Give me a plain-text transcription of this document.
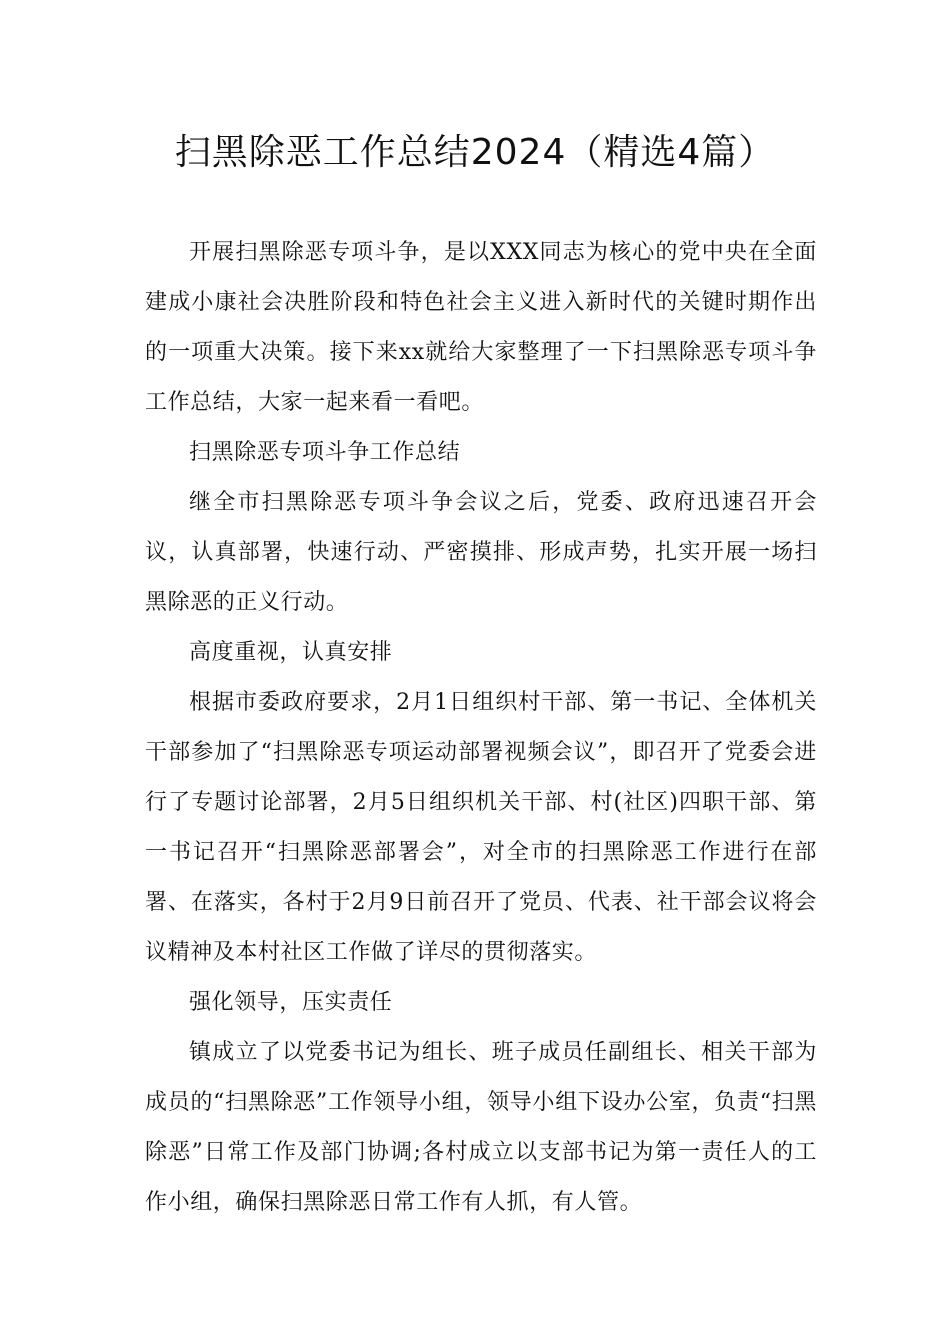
扫黑除恶工作总结2024（精选4篇）

开展扫黑除恶专项斗争，是以XXX同志为核心的党中央在全面建成小康社会决胜阶段和特色社会主义进入新时代的关键时期作出的一项重大决策。接下来xx就给大家整理了一下扫黑除恶专项斗争工作总结，大家一起来看一看吧。

扫黑除恶专项斗争工作总结

继全市扫黑除恶专项斗争会议之后，党委、政府迅速召开会议，认真部署，快速行动、严密摸排、形成声势，扎实开展一场扫黑除恶的正义行动。

高度重视，认真安排

根据市委政府要求，2月1日组织村干部、第一书记、全体机关干部参加了“扫黑除恶专项运动部署视频会议”，即召开了党委会进行了专题讨论部署，2月5日组织机关干部、村(社区)四职干部、第一书记召开“扫黑除恶部署会”，对全市的扫黑除恶工作进行在部署、在落实，各村于2月9日前召开了党员、代表、社干部会议将会议精神及本村社区工作做了详尽的贯彻落实。

强化领导，压实责任

镇成立了以党委书记为组长、班子成员任副组长、相关干部为成员的“扫黑除恶”工作领导小组，领导小组下设办公室，负责“扫黑除恶”日常工作及部门协调;各村成立以支部书记为第一责任人的工作小组，确保扫黑除恶日常工作有人抓，有人管。
